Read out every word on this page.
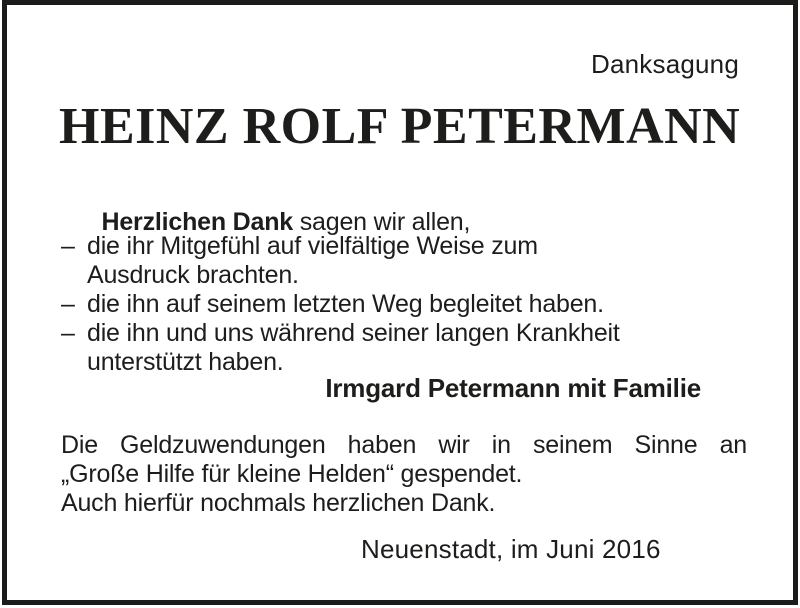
Danksagung
HEINZ ROLF PETERMANN

Herzlichen Dank sagen wir allen,

– die ihr Mitgefühl auf vielfältige Weise zum
Ausdruck brachten.
– die ihn auf seinem letzten Weg begleitet haben.
– die ihn und uns während seiner langen Krankheit
unterstützt haben.
Irmgard Petermann mit Familie
Die Geldzuwendungen haben wir in seinem Sinne an
„Große Hilfe für kleine Helden“ gespendet.
Auch hierfür nochmals herzlichen Dank.
Neuenstadt, im Juni 2016
